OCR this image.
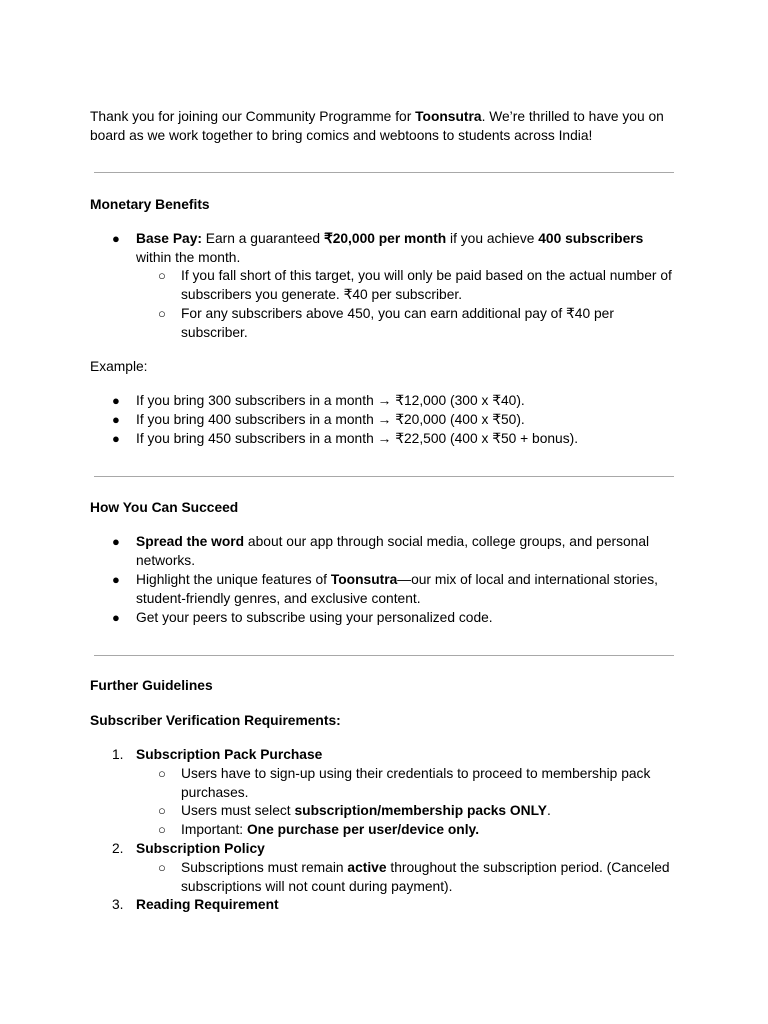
Thank you for joining our Community Programme for Toonsutra. We’re thrilled to have you on board as we work together to bring comics and webtoons to students across India!

Monetary Benefits
● Base Pay: Earn a guaranteed ₹20,000 per month if you achieve 400 subscribers within the month.
○ If you fall short of this target, you will only be paid based on the actual number of subscribers you generate. ₹40 per subscriber.
○ For any subscribers above 450, you can earn additional pay of ₹40 per subscriber.
Example:
● If you bring 300 subscribers in a month → ₹12,000 (300 x ₹40).
● If you bring 400 subscribers in a month → ₹20,000 (400 x ₹50).
● If you bring 450 subscribers in a month → ₹22,500 (400 x ₹50 + bonus).
How You Can Succeed
● Spread the word about our app through social media, college groups, and personal networks.
● Highlight the unique features of Toonsutra—our mix of local and international stories, student-friendly genres, and exclusive content.
● Get your peers to subscribe using your personalized code.
Further Guidelines
Subscriber Verification Requirements:
1. Subscription Pack Purchase
○ Users have to sign-up using their credentials to proceed to membership pack purchases.
○ Users must select subscription/membership packs ONLY.
○ Important: One purchase per user/device only.
2. Subscription Policy
○ Subscriptions must remain active throughout the subscription period. (Canceled subscriptions will not count during payment).
3. Reading Requirement
